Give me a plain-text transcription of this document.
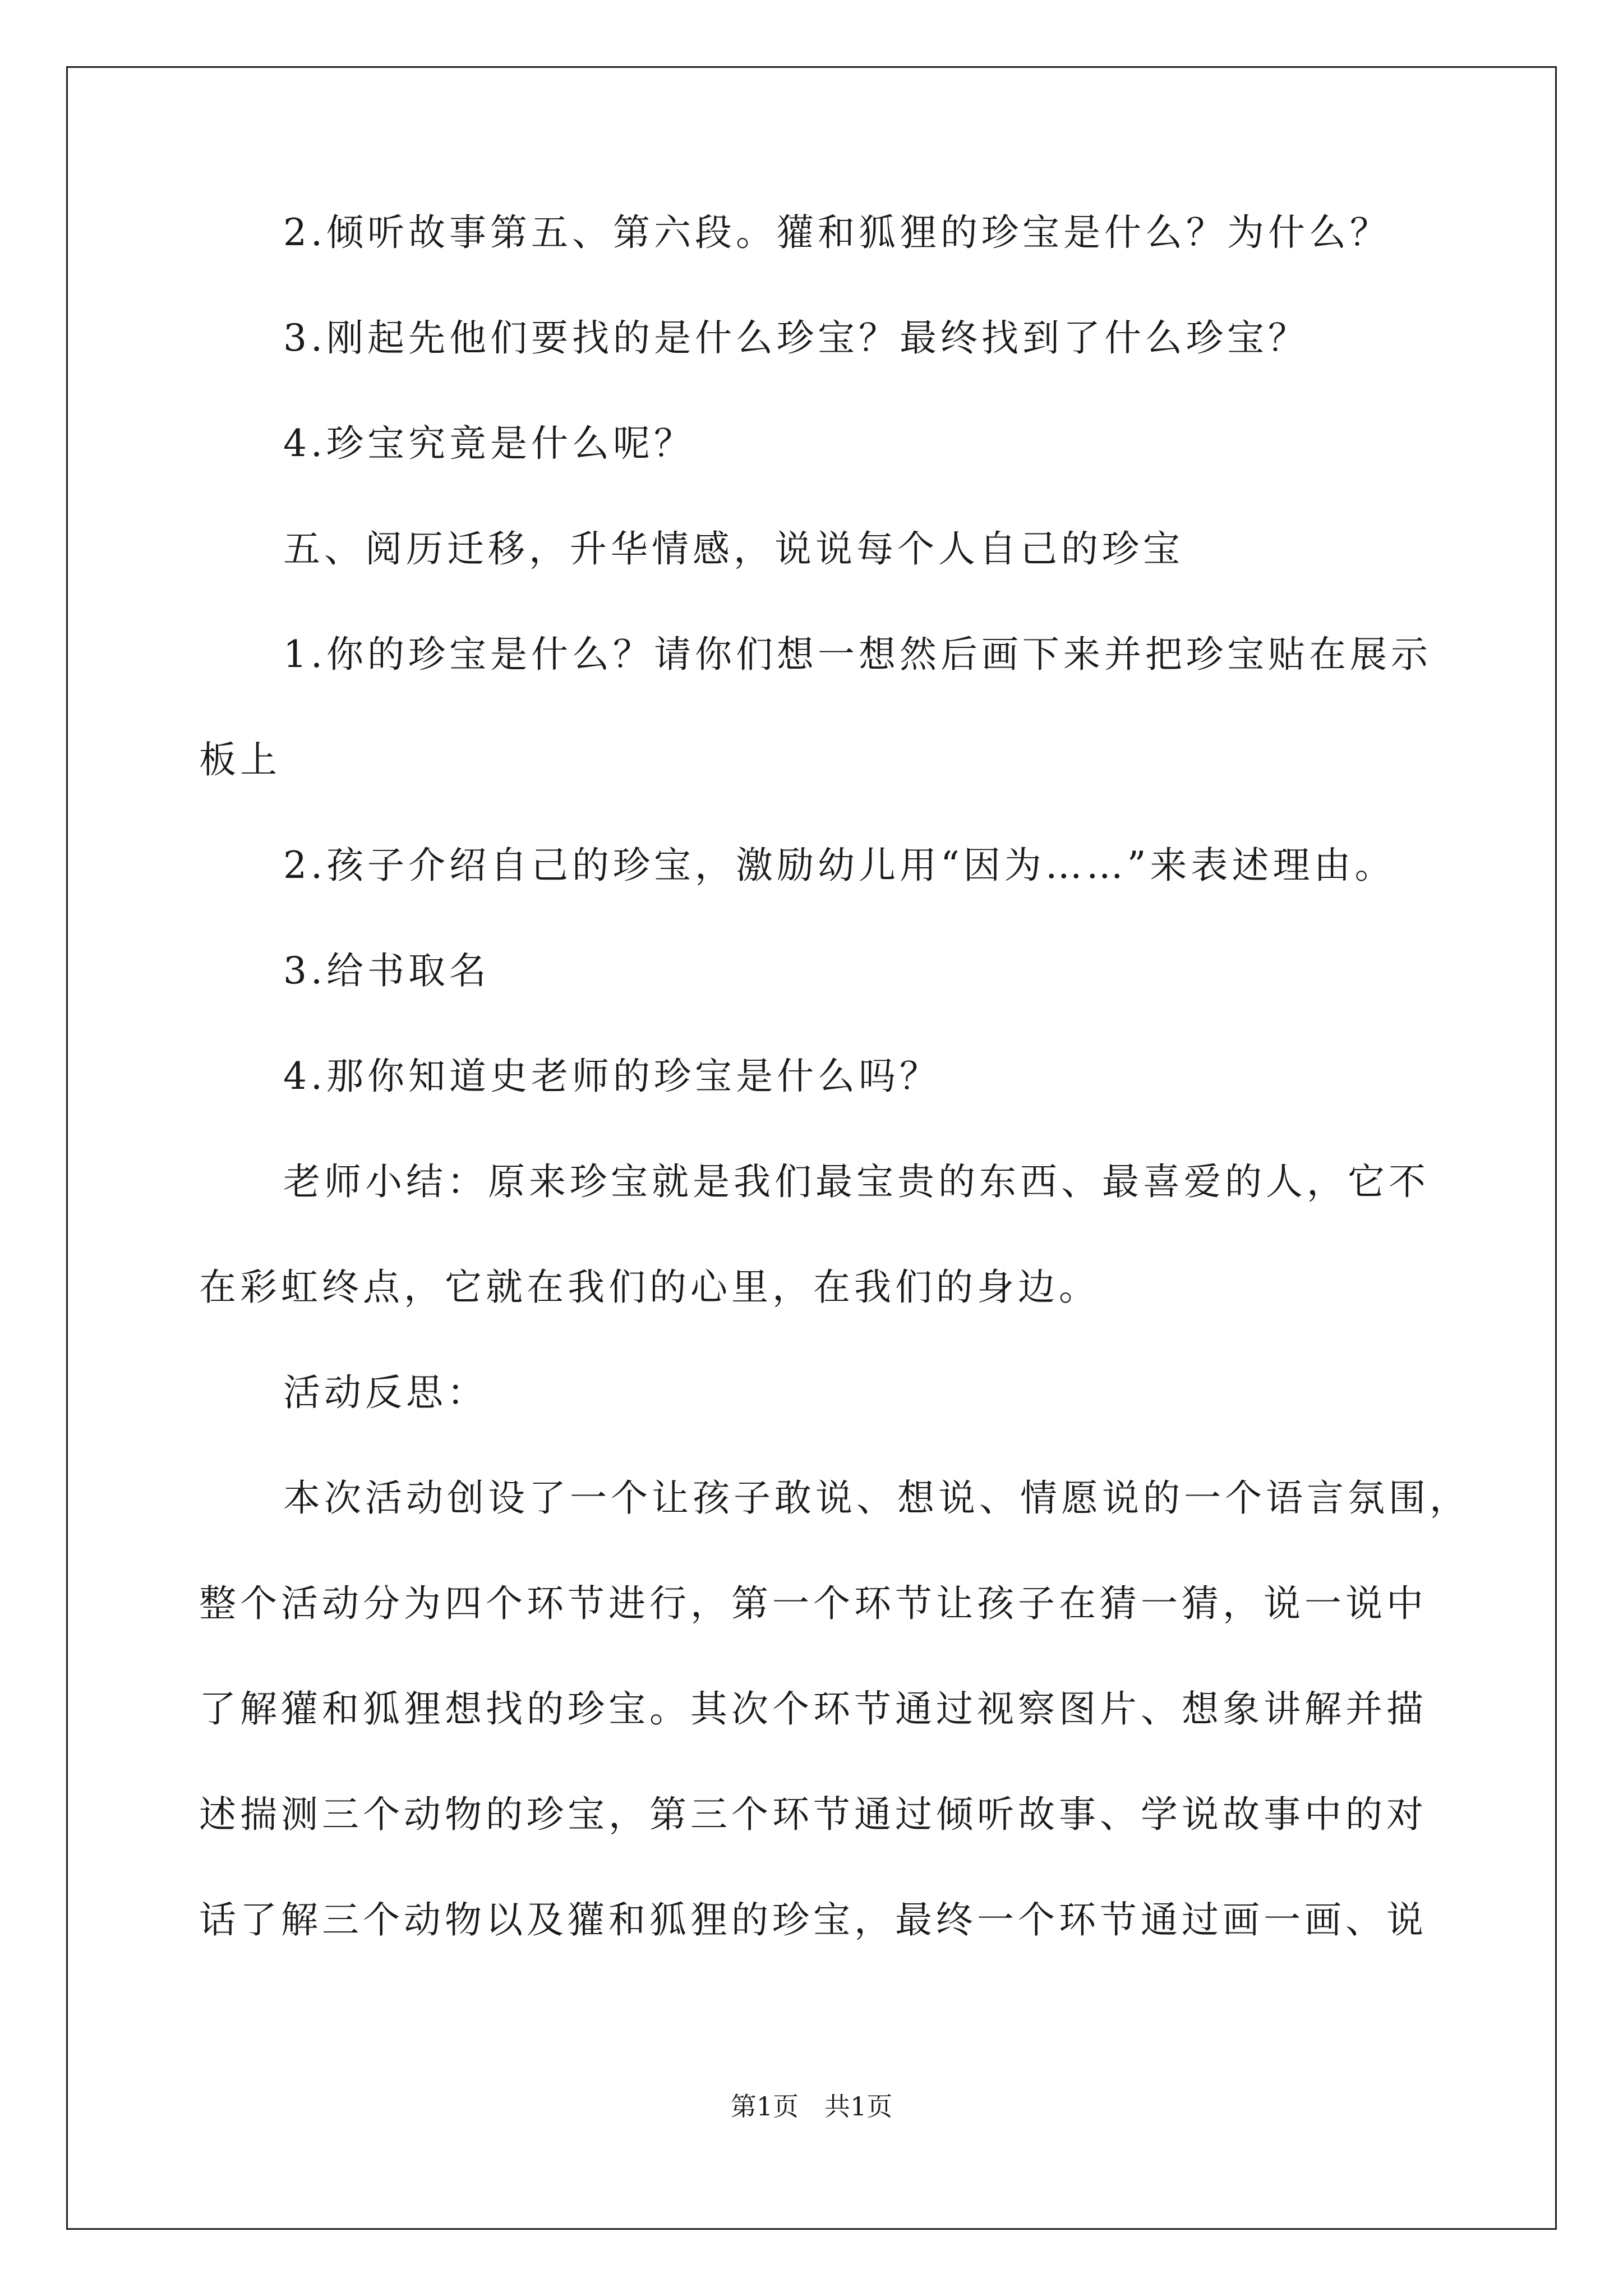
2.倾听故事第五、第六段。獾和狐狸的珍宝是什么？为什么？
3.刚起先他们要找的是什么珍宝？最终找到了什么珍宝？
4.珍宝究竟是什么呢？
五、阅历迁移，升华情感，说说每个人自己的珍宝
1.你的珍宝是什么？请你们想一想然后画下来并把珍宝贴在展示
板上
2.孩子介绍自己的珍宝，激励幼儿用“因为……”来表述理由。
3.给书取名
4.那你知道史老师的珍宝是什么吗？
老师小结：原来珍宝就是我们最宝贵的东西、最喜爱的人，它不
在彩虹终点，它就在我们的心里，在我们的身边。
活动反思：
本次活动创设了一个让孩子敢说、想说、情愿说的一个语言氛围，
整个活动分为四个环节进行，第一个环节让孩子在猜一猜，说一说中
了解獾和狐狸想找的珍宝。其次个环节通过视察图片、想象讲解并描
述揣测三个动物的珍宝，第三个环节通过倾听故事、学说故事中的对
话了解三个动物以及獾和狐狸的珍宝，最终一个环节通过画一画、说
第1页　共1页
